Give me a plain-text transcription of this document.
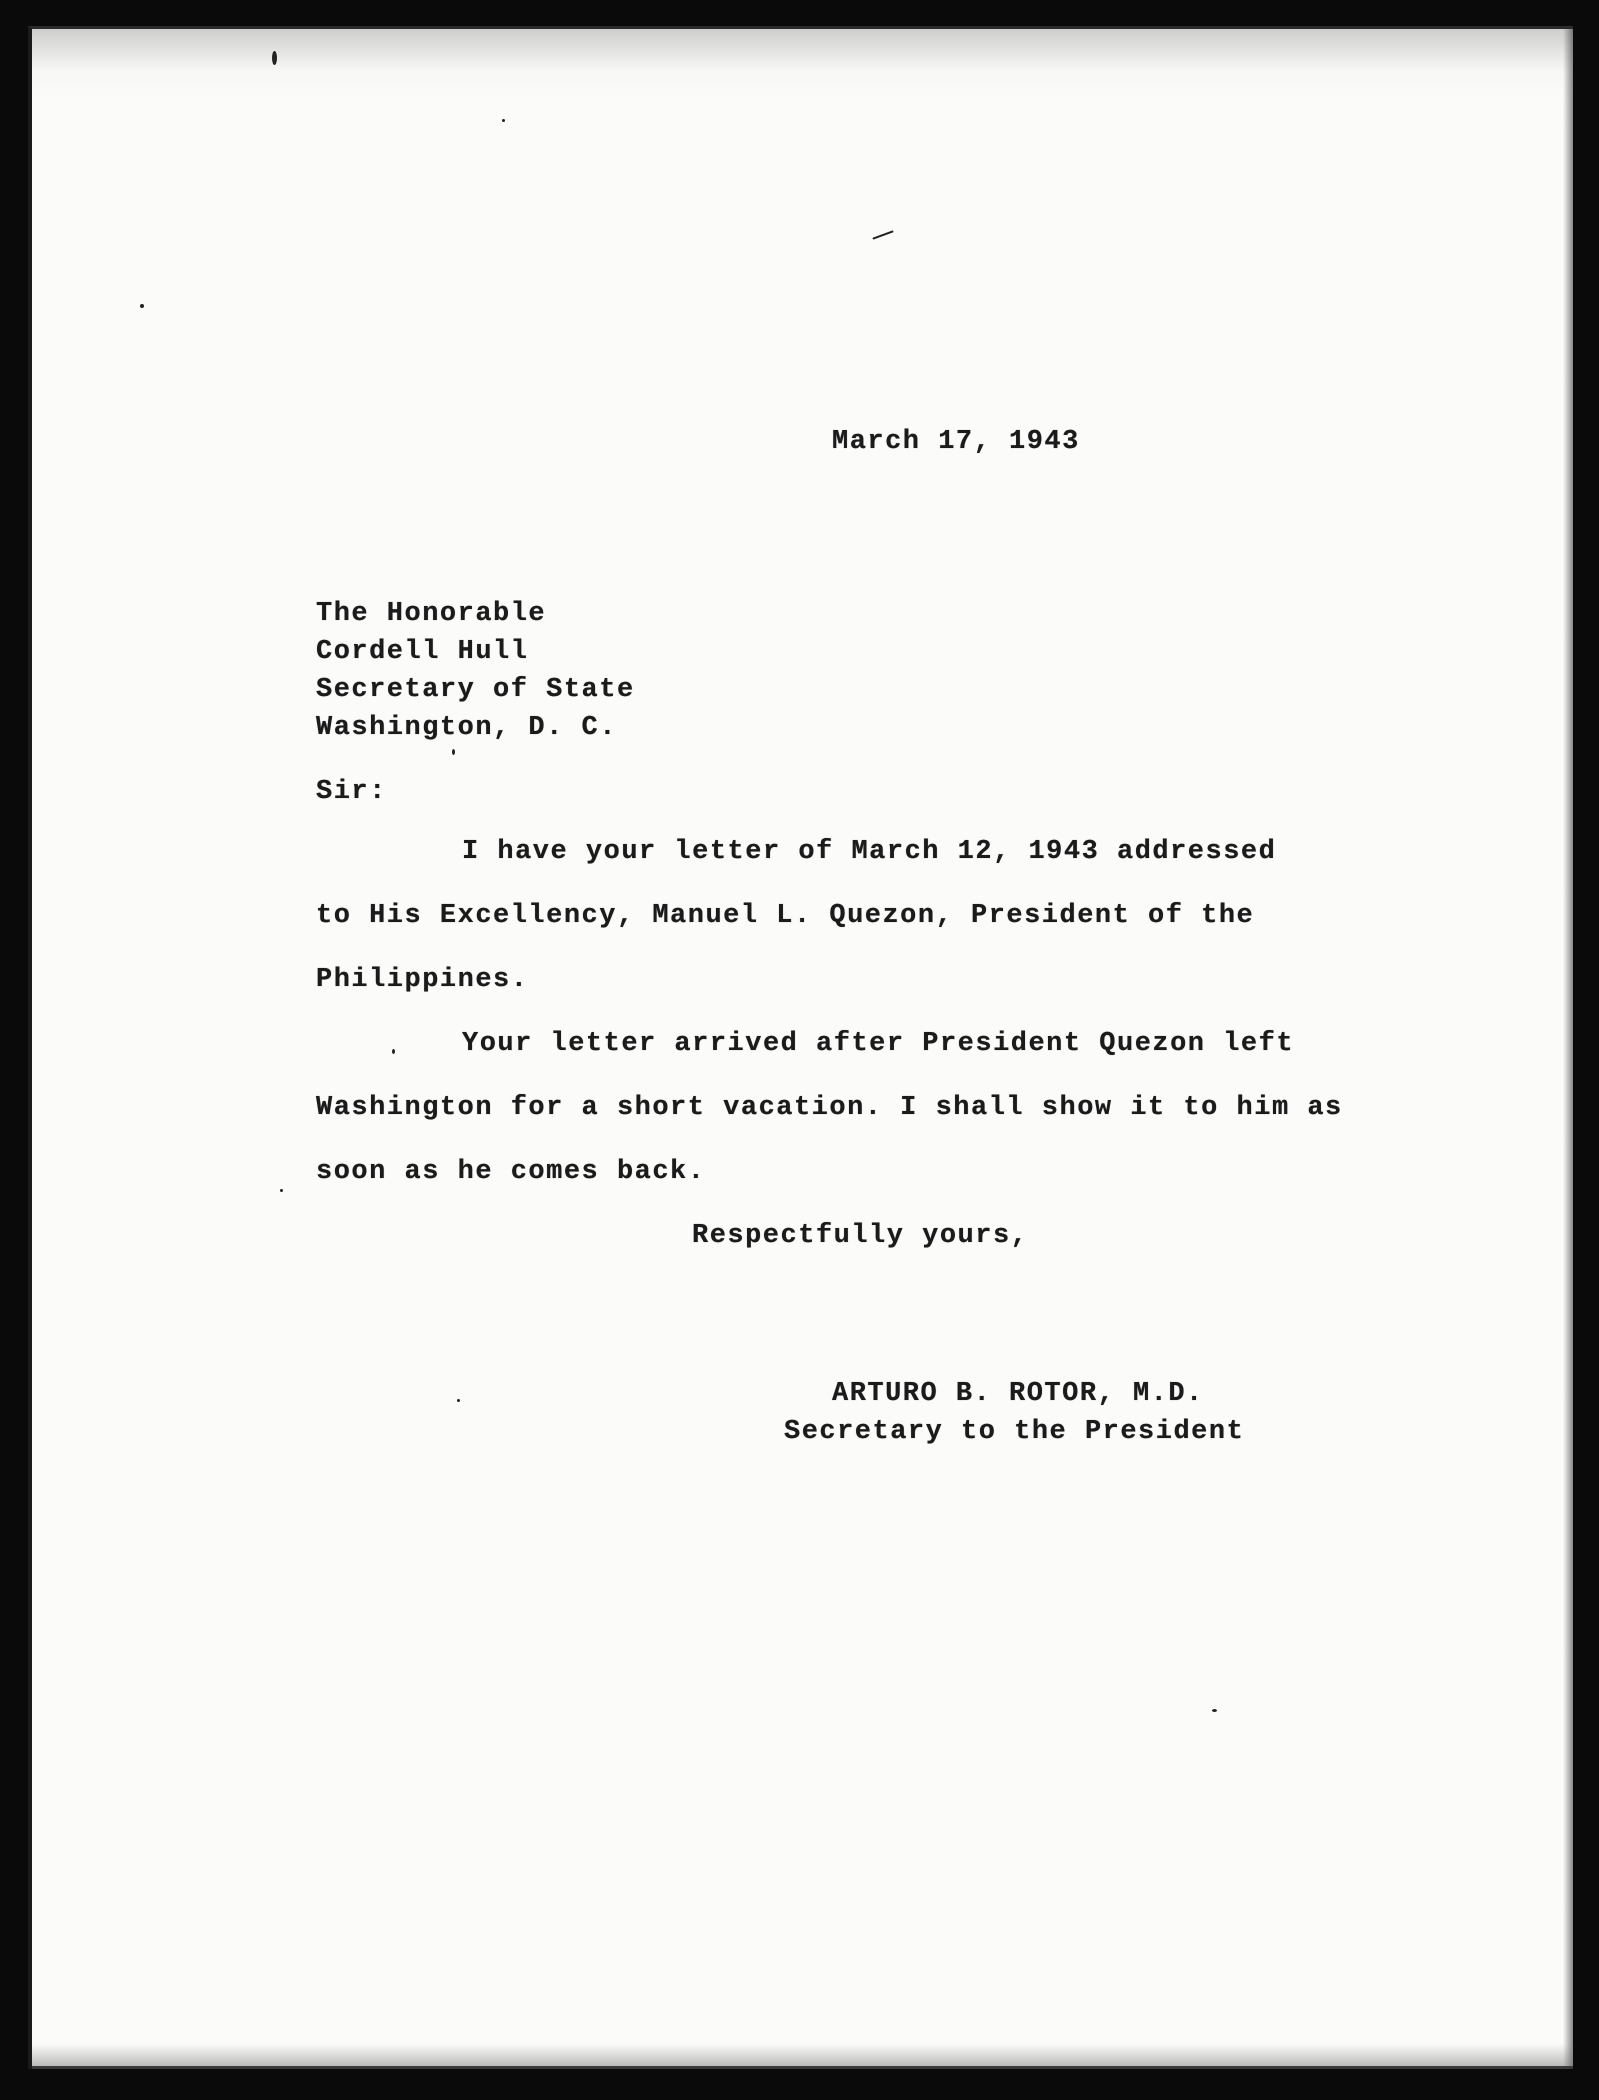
March 17, 1943
The Honorable
Cordell Hull
Secretary of State
Washington, D. C.
Sir:
I have your letter of March 12, 1943 addressed
to His Excellency, Manuel L. Quezon, President of the
Philippines.
Your letter arrived after President Quezon left
Washington for a short vacation. I shall show it to him as
soon as he comes back.
Respectfully yours,
ARTURO B. ROTOR, M.D.
Secretary to the President
